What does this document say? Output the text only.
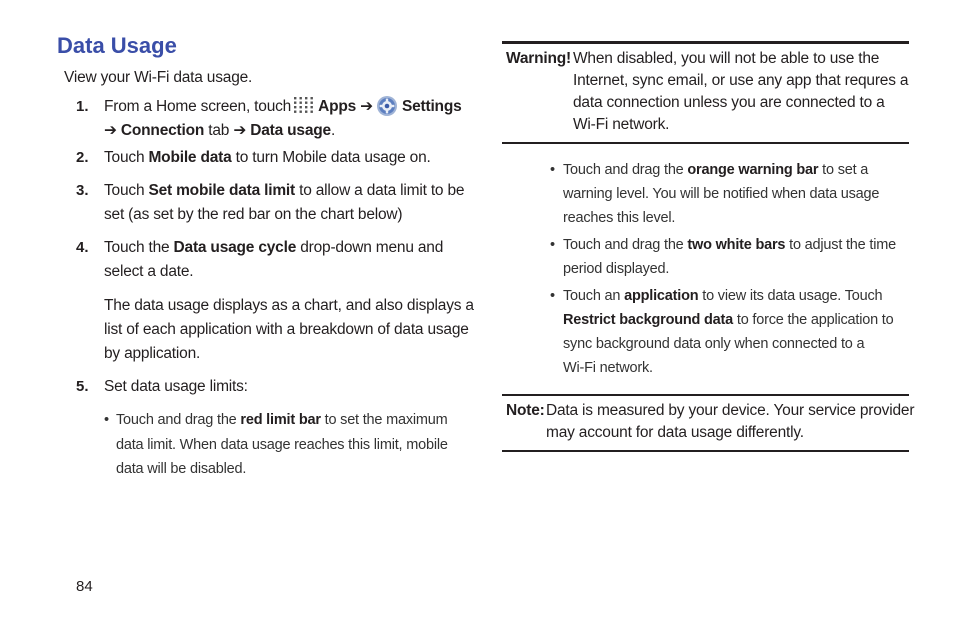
Data Usage
View your Wi-Fi data usage.
1. From a Home screen, touch Apps ➔ Settings
➔ Connection tab ➔ Data usage.
2. Touch Mobile data to turn Mobile data usage on.
3. Touch Set mobile data limit to allow a data limit to be
set (as set by the red bar on the chart below)
4. Touch the Data usage cycle drop-down menu and
select a date.
The data usage displays as a chart, and also displays a
list of each application with a breakdown of data usage
by application.
5. Set data usage limits:
• Touch and drag the red limit bar to set the maximum
data limit. When data usage reaches this limit, mobile
data will be disabled.
Warning! When disabled, you will not be able to use the
Internet, sync email, or use any app that requres a
data connection unless you are connected to a
Wi-Fi network.
• Touch and drag the orange warning bar to set a
warning level. You will be notified when data usage
reaches this level.
• Touch and drag the two white bars to adjust the time
period displayed.
• Touch an application to view its data usage. Touch
Restrict background data to force the application to
sync background data only when connected to a
Wi-Fi network.
Note: Data is measured by your device. Your service provider
may account for data usage differently.
84
